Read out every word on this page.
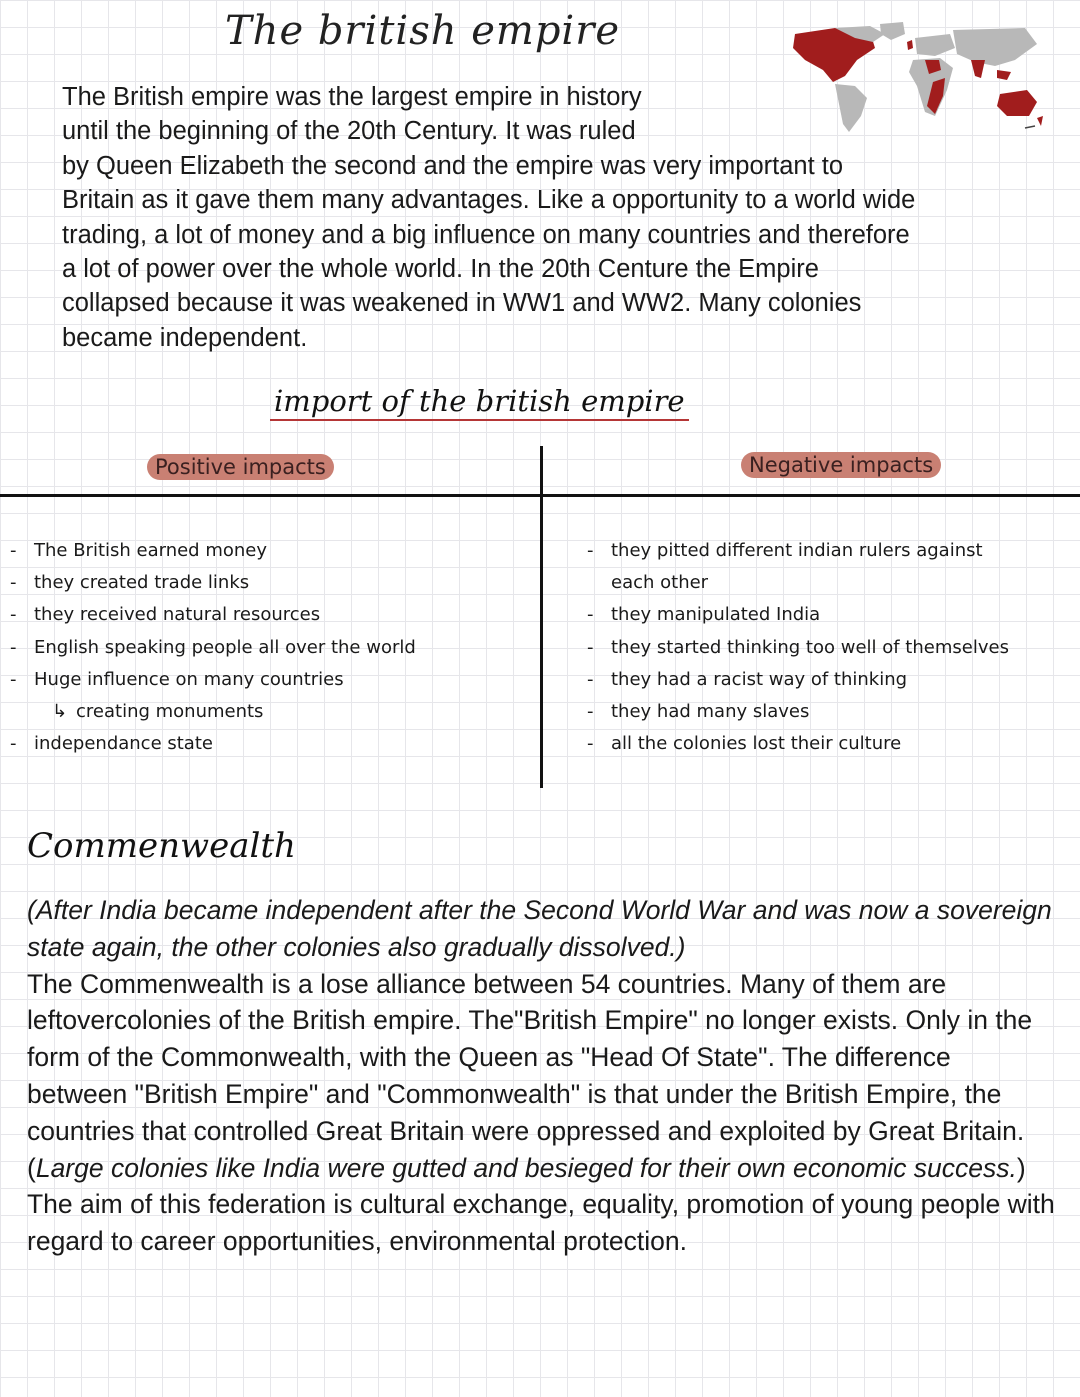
The british empire

The British empire was the largest empire in history

until the beginning of the 20th Century. It was ruled

by Queen Elizabeth the second and the empire was very important to

Britain as it gave them many advantages. Like a opportunity to a world wide

trading, a lot of money and a big influence on many countries and therefore

a lot of power over the whole world. In the 20th Centure the Empire

collapsed because it was weakened in WW1 and WW2. Many colonies

became independent.

import of the british empire
Positive impacts	Negative impacts
- The British earned money
- they created trade links
- they received natural resources
- English speaking people all over the world
- Huge influence on many countries
↳ creating monuments
- independance state
- they pitted different indian rulers against
each other
- they manipulated India
- they started thinking too well of themselves
- they had a racist way of thinking
- they had many slaves
- all the colonies lost their culture
Commenwealth

(After India became independent after the Second World War and was now a sovereign state again, the other colonies also gradually dissolved.)

The Commenwealth is a lose alliance between 54 countries. Many of them are leftovercolonies of the British empire. The"British Empire" no longer exists. Only in the form of the Commonwealth, with the Queen as "Head Of State". The difference between "British Empire" and "Commonwealth" is that under the British Empire, the countries that controlled Great Britain were oppressed and exploited by Great Britain. (Large colonies like India were gutted and besieged for their own economic success.) The aim of this federation is cultural exchange, equality, promotion of young people with regard to career opportunities, environmental protection.
